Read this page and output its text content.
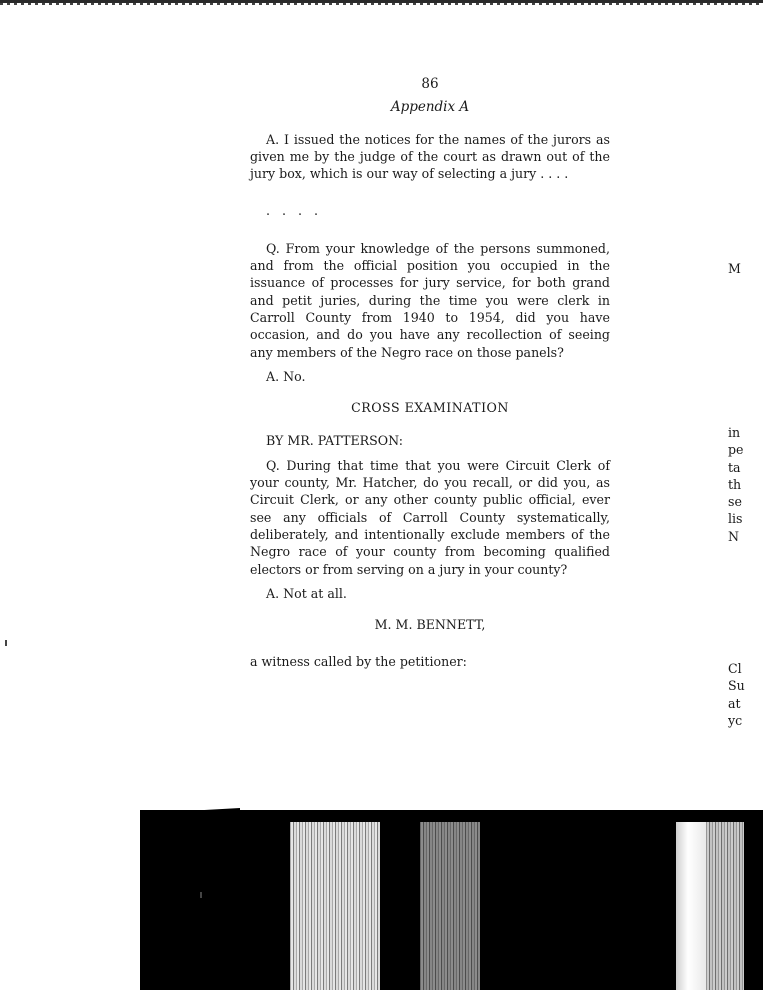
86
Appendix A

A. I issued the notices for the names of the jurors as given me by the judge of the court as drawn out of the jury box, which is our way of selecting a jury . . . .

. . . .

Q. From your knowledge of the persons summoned, and from the official position you occupied in the issuance of processes for jury service, for both grand and petit juries, during the time you were clerk in Carroll County from 1940 to 1954, did you have occasion, and do you have any recollection of seeing any members of the Negro race on those panels?

A. No.
CROSS EXAMINATION
BY MR. PATTERSON:

Q. During that time that you were Circuit Clerk of your county, Mr. Hatcher, do you recall, or did you, as Circuit Clerk, or any other county public official, ever see any officials of Carroll County systematically, deliberately, and intentionally exclude members of the Negro race of your county from becoming qualified electors or from serving on a jury in your county?

A. Not at all.
M. M. BENNETT,
a witness called by the petitioner:
M
in
pe
ta
th
se
lis
N
Cl
Su
at
yc
